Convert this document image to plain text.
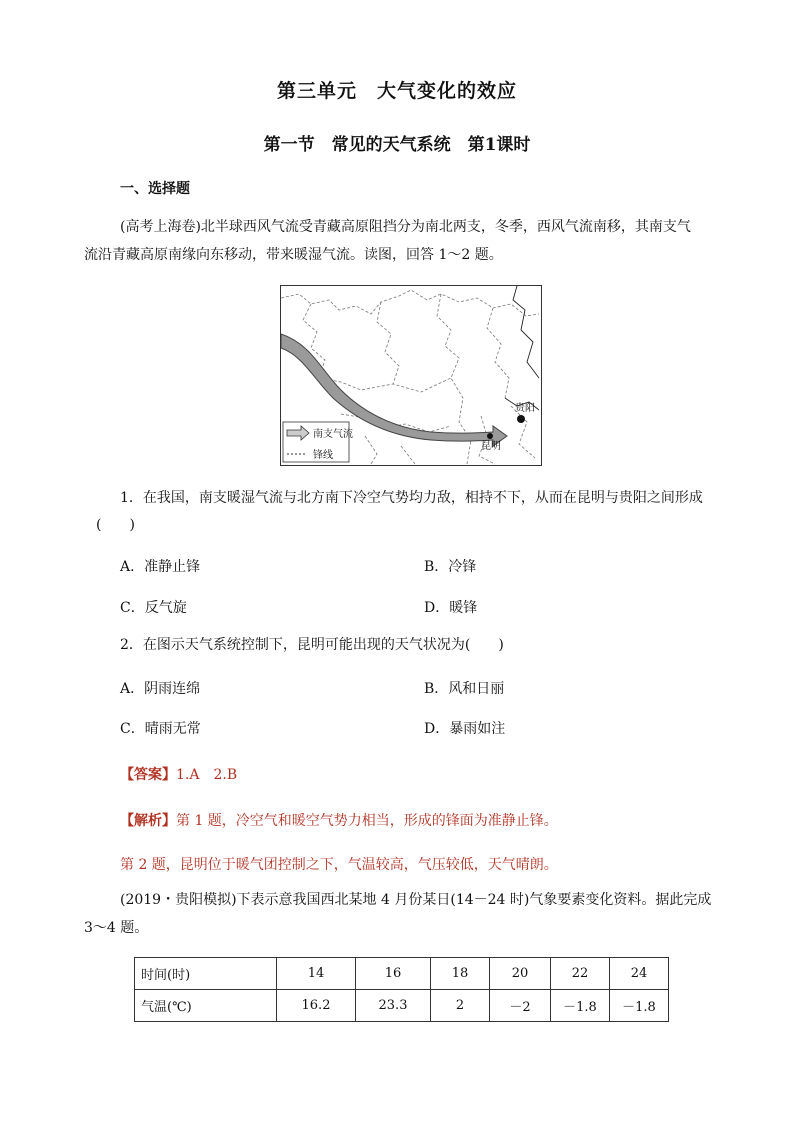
第三单元　大气变化的效应
第一节　常见的天气系统　第1课时
一、选择题
(高考上海卷)北半球西风气流受青藏高原阻挡分为南北两支，冬季，西风气流南移，其南支气
流沿青藏高原南缘向东移动，带来暖湿气流。读图，回答 1～2 题。
贵阳
昆明
南支气流
锋线
1．在我国，南支暖湿气流与北方南下冷空气势均力敌，相持不下，从而在昆明与贵阳之间形成
(　　)
A．准静止锋	B．冷锋
C．反气旋	D．暖锋
2．在图示天气系统控制下，昆明可能出现的天气状况为(　　)
A．阴雨连绵	B．风和日丽
C．晴雨无常	D．暴雨如注
【答案】1.A　2.B
【解析】第 1 题，冷空气和暖空气势力相当，形成的锋面为准静止锋。
第 2 题，昆明位于暖气团控制之下，气温较高，气压较低，天气晴朗。
(2019・贵阳模拟)下表示意我国西北某地 4 月份某日(14－24 时)气象要素变化资料。据此完成
3～4 题。
时间(时)	14	16	18	20	22	24
气温(℃)	16.2	23.3	2	－2	－1.8	－1.8
